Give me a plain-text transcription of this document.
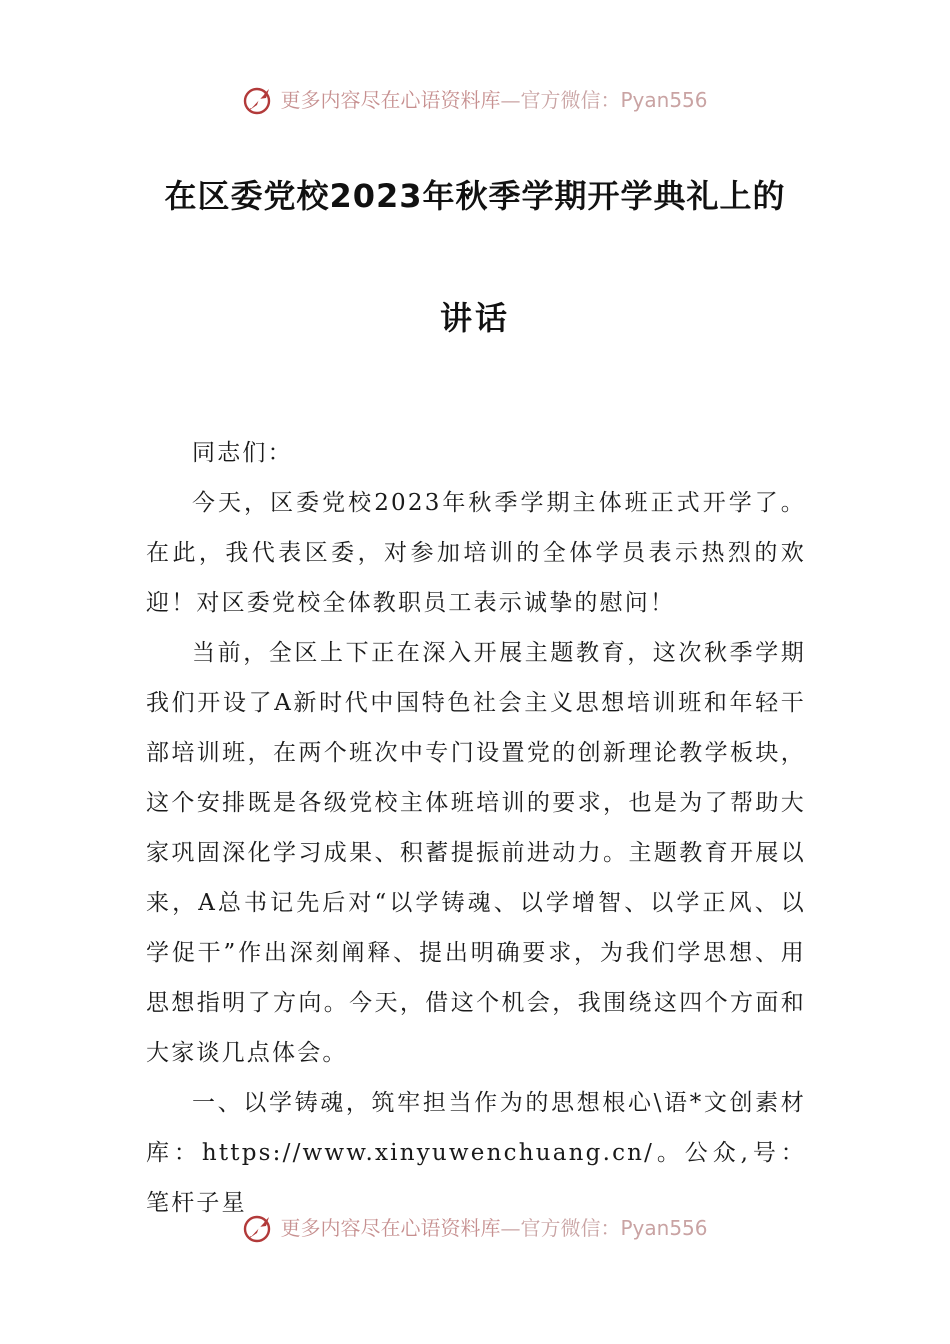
更多内容尽在心语资料库—官方微信：Pyan556
在区委党校2023年秋季学期开学典礼上的
讲话

同志们：

今天，区委党校2023年秋季学期主体班正式开学了。在此，我代表区委，对参加培训的全体学员表示热烈的欢迎！对区委党校全体教职员工表示诚挚的慰问！

当前，全区上下正在深入开展主题教育，这次秋季学期我们开设了A新时代中国特色社会主义思想培训班和年轻干部培训班，在两个班次中专门设置党的创新理论教学板块，这个安排既是各级党校主体班培训的要求，也是为了帮助大家巩固深化学习成果、积蓄提振前进动力。主题教育开展以来，A总书记先后对“以学铸魂、以学增智、以学正风、以学促干”作出深刻阐释、提出明确要求，为我们学思想、用思想指明了方向。今天，借这个机会，我围绕这四个方面和大家谈几点体会。

一、以学铸魂，筑牢担当作为的思想根心\语*文创素材库：https://www.xinyuwenchuang.cn/。公众,号：笔杆子星

更多内容尽在心语资料库—官方微信：Pyan556
